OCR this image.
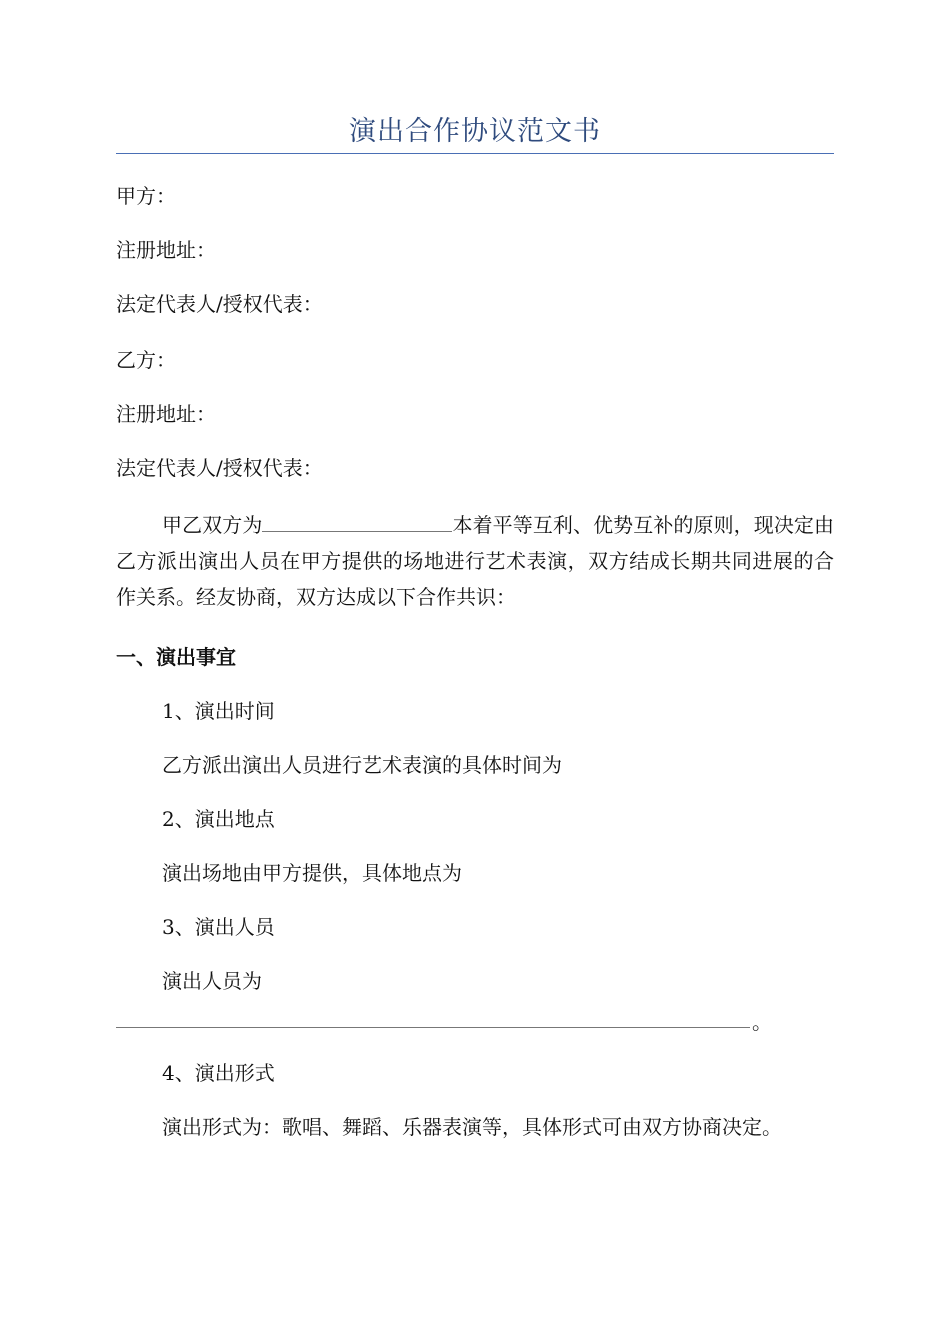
演出合作协议范文书
甲方：
注册地址：
法定代表人/授权代表：
乙方：
注册地址：
法定代表人/授权代表：
甲乙双方为	本着平等互利、优势互补的原则，现决定由乙方派出演出人员在甲方提供的场地进行艺术表演，双方结成长期共同进展的合作关系。经友协商，双方达成以下合作共识：
一、演出事宜
1、演出时间
乙方派出演出人员进行艺术表演的具体时间为
2、演出地点
演出场地由甲方提供，具体地点为
3、演出人员
演出人员为
。
4、演出形式
演出形式为：歌唱、舞蹈、乐器表演等，具体形式可由双方协商决定。
